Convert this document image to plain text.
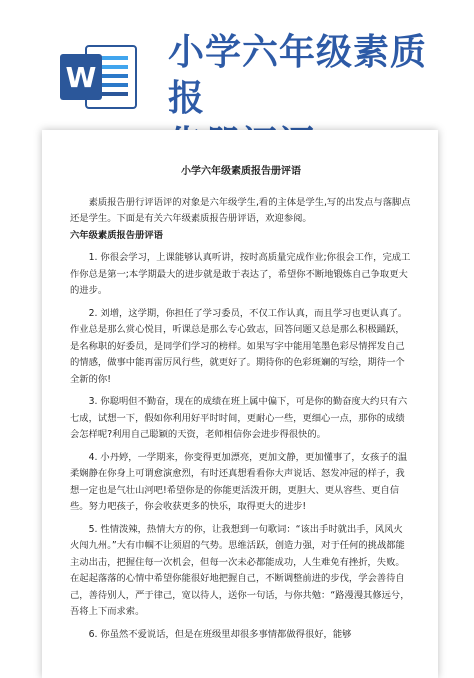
W
小学六年级素质报
小学六年级素质报告册评语

素质报告册行评语评的对象是六年级学生,看的主体是学生,写的出发点与落脚点还是学生。下面是有关六年级素质报告册评语，欢迎参阅。

六年级素质报告册评语

1. 你很会学习，上课能够认真听讲，按时高质量完成作业;你很会工作，完成工作你总是第一;本学期最大的进步就是敢于表达了，希望你不断地锻炼自己争取更大的进步。

2. 刘增，这学期，你担任了学习委员，不仅工作认真，而且学习也更认真了。作业总是那么赏心悦目，听课总是那么专心致志，回答问题又总是那么积极踊跃，是名称职的好委员，是同学们学习的榜样。如果写字中能用笔墨色彩尽情挥发自己的情感，做事中能再雷厉风行些，就更好了。期待你的色彩斑斓的写绘，期待一个全新的你!

3. 你聪明但不勤奋，现在的成绩在班上属中偏下，可是你的勤奋度大约只有六七成，试想一下，假如你利用好平时时间，更耐心一些，更细心一点，那你的成绩会怎样呢?利用自己聪颖的天资，老师相信你会进步得很快的。

4. 小丹婷，一学期来，你变得更加漂亮，更加文静，更加懂事了，女孩子的温柔娴静在你身上可谓愈演愈烈，有时还真想看看你大声说话、怒发冲冠的样子，我想一定也是气壮山河吧!希望你是的你能更活泼开朗，更胆大、更从容些、更自信些。努力吧孩子，你会收获更多的快乐，取得更大的进步!

5. 性情泼辣，热情大方的你，让我想到一句歌词：“该出手时就出手，风风火火闯九州。”大有巾帼不让须眉的气势。思维活跃，创造力强，对于任何的挑战都能主动出击，把握住每一次机会，但每一次未必都能成功，人生难免有挫折，失败。在起起落落的心情中希望你能很好地把握自己，不断调整前进的步伐，学会善待自己，善待别人，严于律己，宽以待人，送你一句话，与你共勉：“路漫漫其修远兮，吾将上下而求索。

6. 你虽然不爱说话，但是在班级里却很多事情都做得很好，能够
